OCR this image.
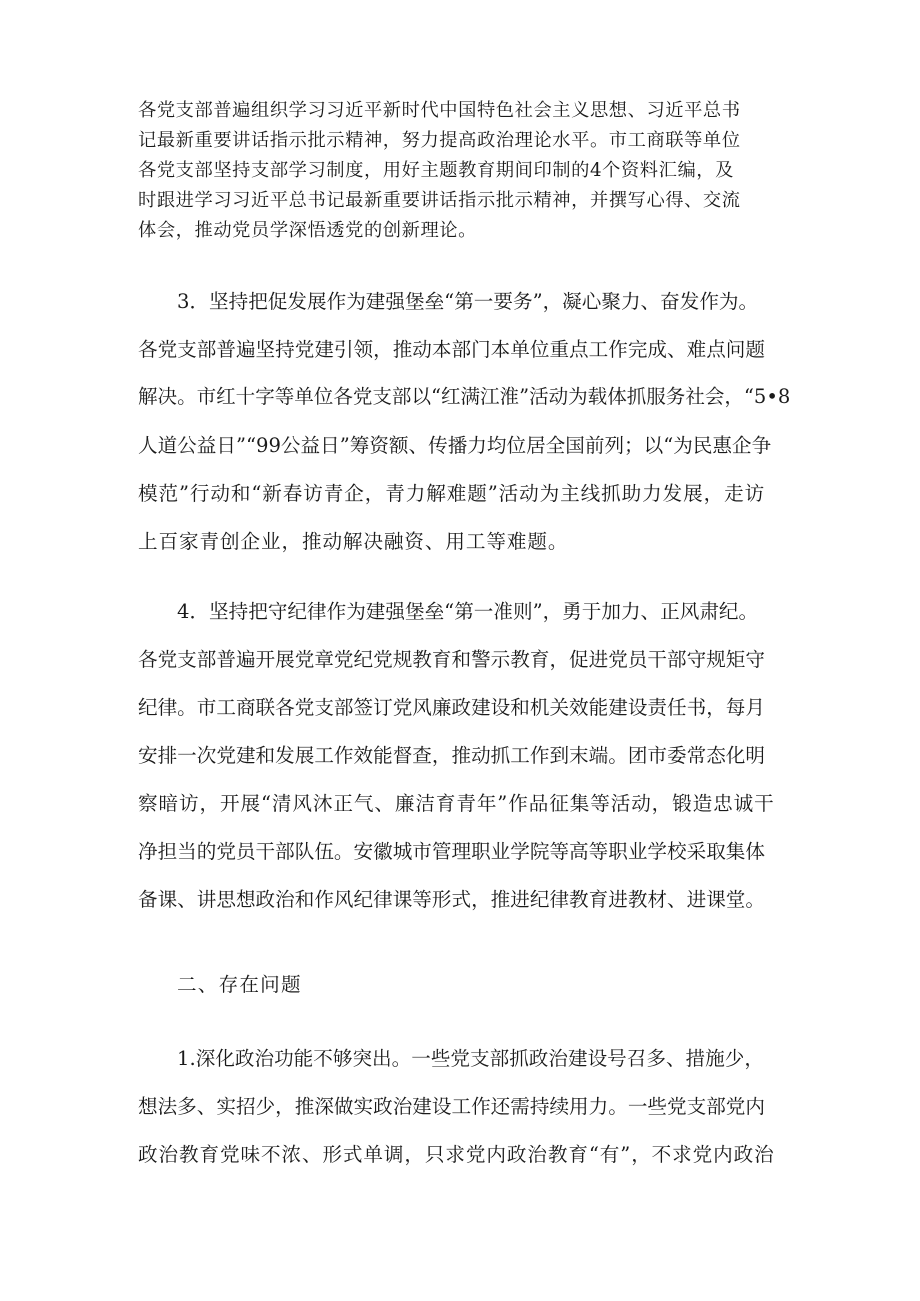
各党支部普遍组织学习习近平新时代中国特色社会主义思想、习近平总书

记最新重要讲话指示批示精神，努力提高政治理论水平。市工商联等单位

各党支部坚持支部学习制度，用好主题教育期间印制的4个资料汇编，及

时跟进学习习近平总书记最新重要讲话指示批示精神，并撰写心得、交流

体会，推动党员学深悟透党的创新理论。

3．坚持把促发展作为建强堡垒“第一要务”，凝心聚力、奋发作为。

各党支部普遍坚持党建引领，推动本部门本单位重点工作完成、难点问题

解决。市红十字等单位各党支部以“红满江淮”活动为载体抓服务社会，“5•8

人道公益日”“99公益日”筹资额、传播力均位居全国前列；以“为民惠企争

模范”行动和“新春访青企，青力解难题”活动为主线抓助力发展，走访

上百家青创企业，推动解决融资、用工等难题。

4．坚持把守纪律作为建强堡垒“第一准则”，勇于加力、正风肃纪。

各党支部普遍开展党章党纪党规教育和警示教育，促进党员干部守规矩守

纪律。市工商联各党支部签订党风廉政建设和机关效能建设责任书，每月

安排一次党建和发展工作效能督查，推动抓工作到末端。团市委常态化明

察暗访，开展“清风沐正气、廉洁育青年”作品征集等活动，锻造忠诚干

净担当的党员干部队伍。安徽城市管理职业学院等高等职业学校采取集体

备课、讲思想政治和作风纪律课等形式，推进纪律教育进教材、进课堂。

二、存在问题

1.深化政治功能不够突出。一些党支部抓政治建设号召多、措施少，

想法多、实招少，推深做实政治建设工作还需持续用力。一些党支部党内

政治教育党味不浓、形式单调，只求党内政治教育“有”，不求党内政治
